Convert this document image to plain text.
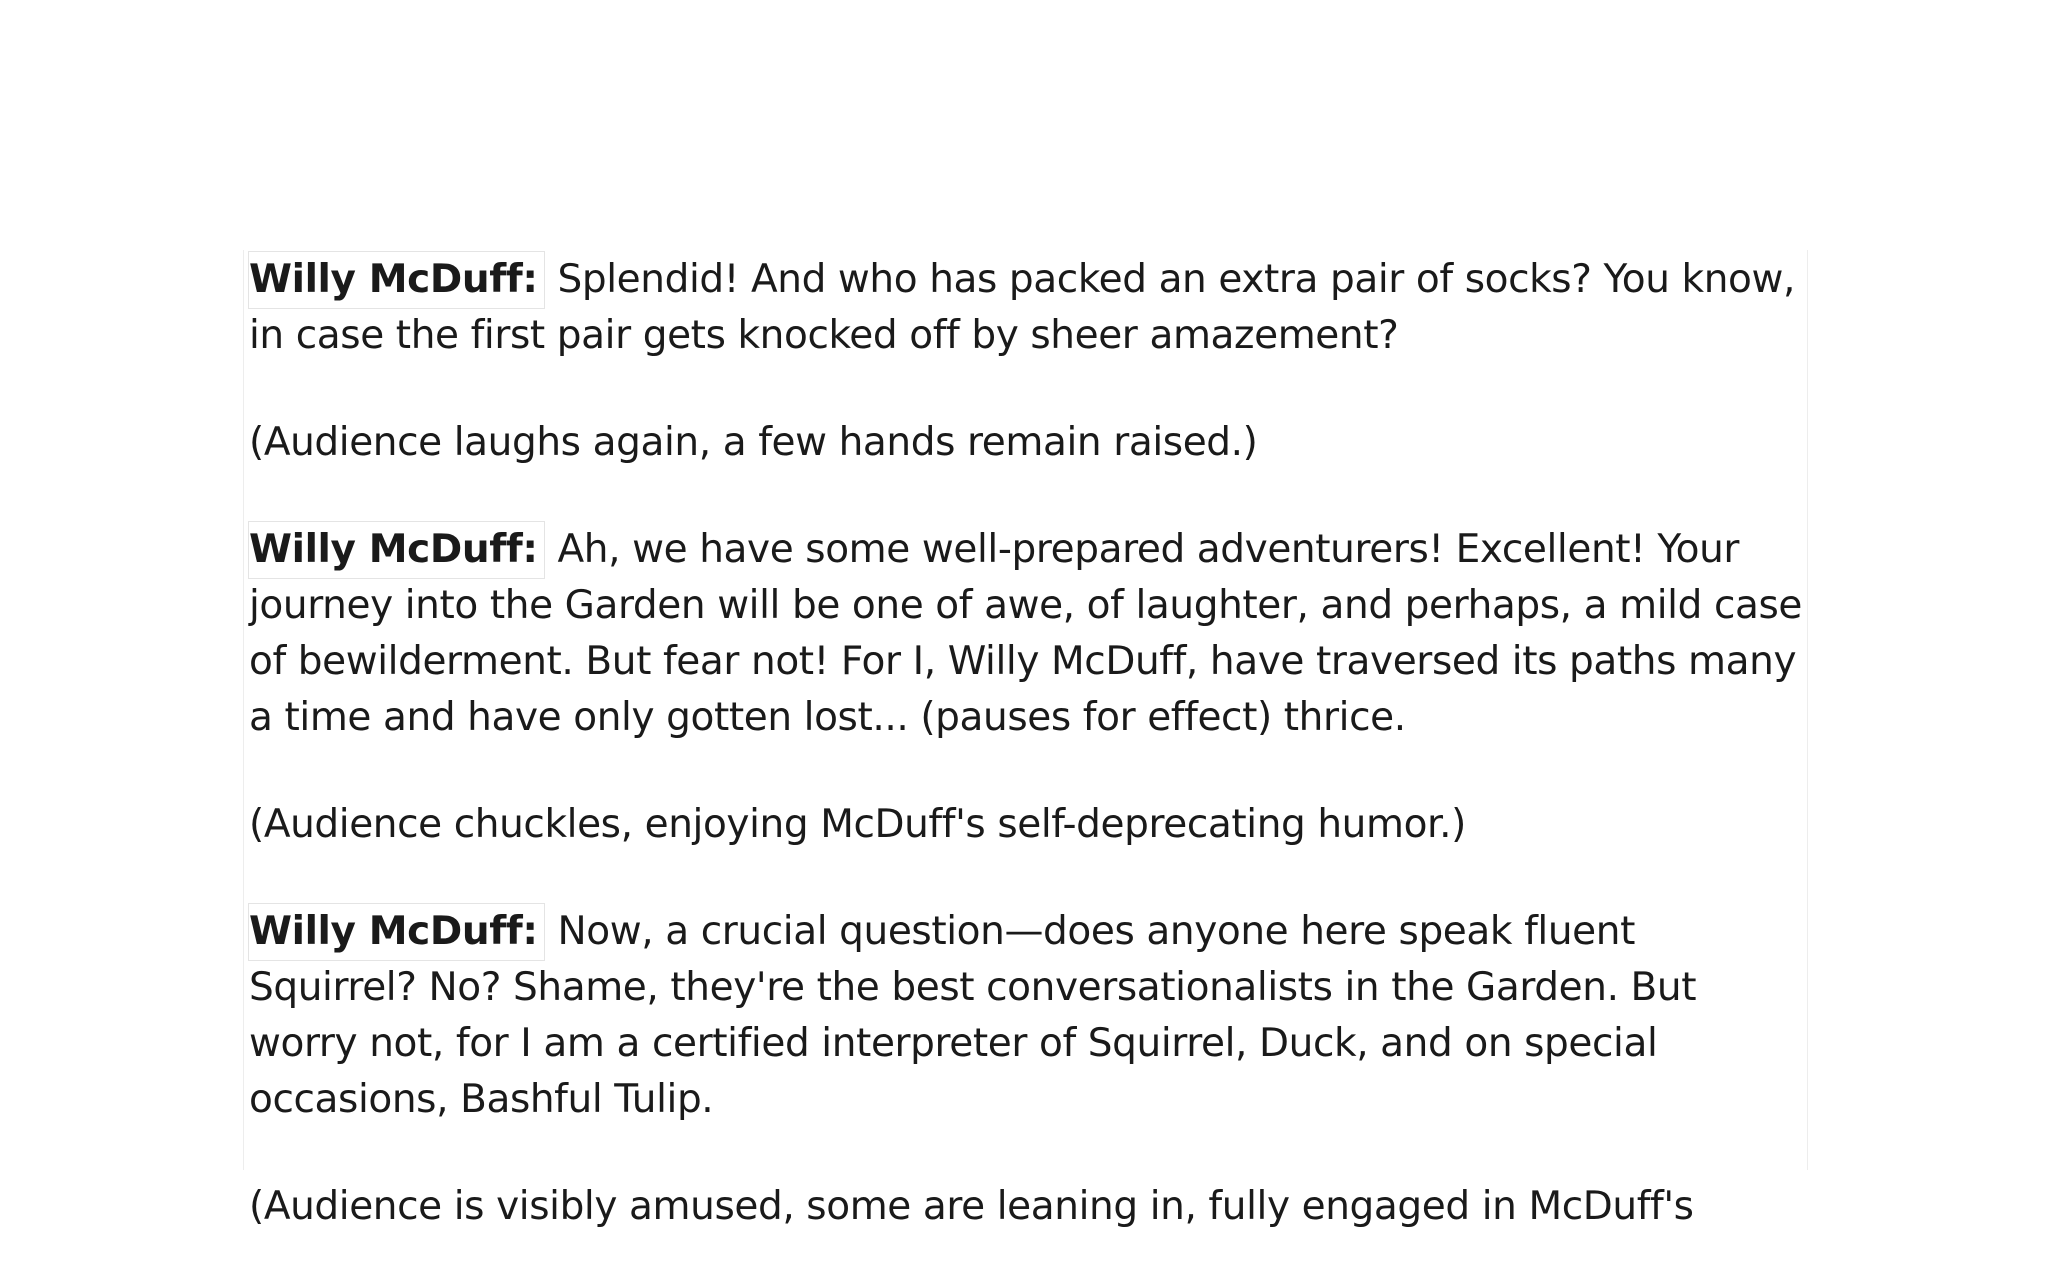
Willy McDuff: Splendid! And who has packed an extra pair of socks? You know, in case the first pair gets knocked off by sheer amazement?

(Audience laughs again, a few hands remain raised.)

Willy McDuff: Ah, we have some well-prepared adventurers! Excellent! Your journey into the Garden will be one of awe, of laughter, and perhaps, a mild case of bewilderment. But fear not! For I, Willy McDuff, have traversed its paths many a time and have only gotten lost... (pauses for effect) thrice.

(Audience chuckles, enjoying McDuff's self-deprecating humor.)

Willy McDuff: Now, a crucial question—does anyone here speak fluent Squirrel? No? Shame, they're the best conversationalists in the Garden. But worry not, for I am a certified interpreter of Squirrel, Duck, and on special occasions, Bashful Tulip.

(Audience is visibly amused, some are leaning in, fully engaged in McDuff's
